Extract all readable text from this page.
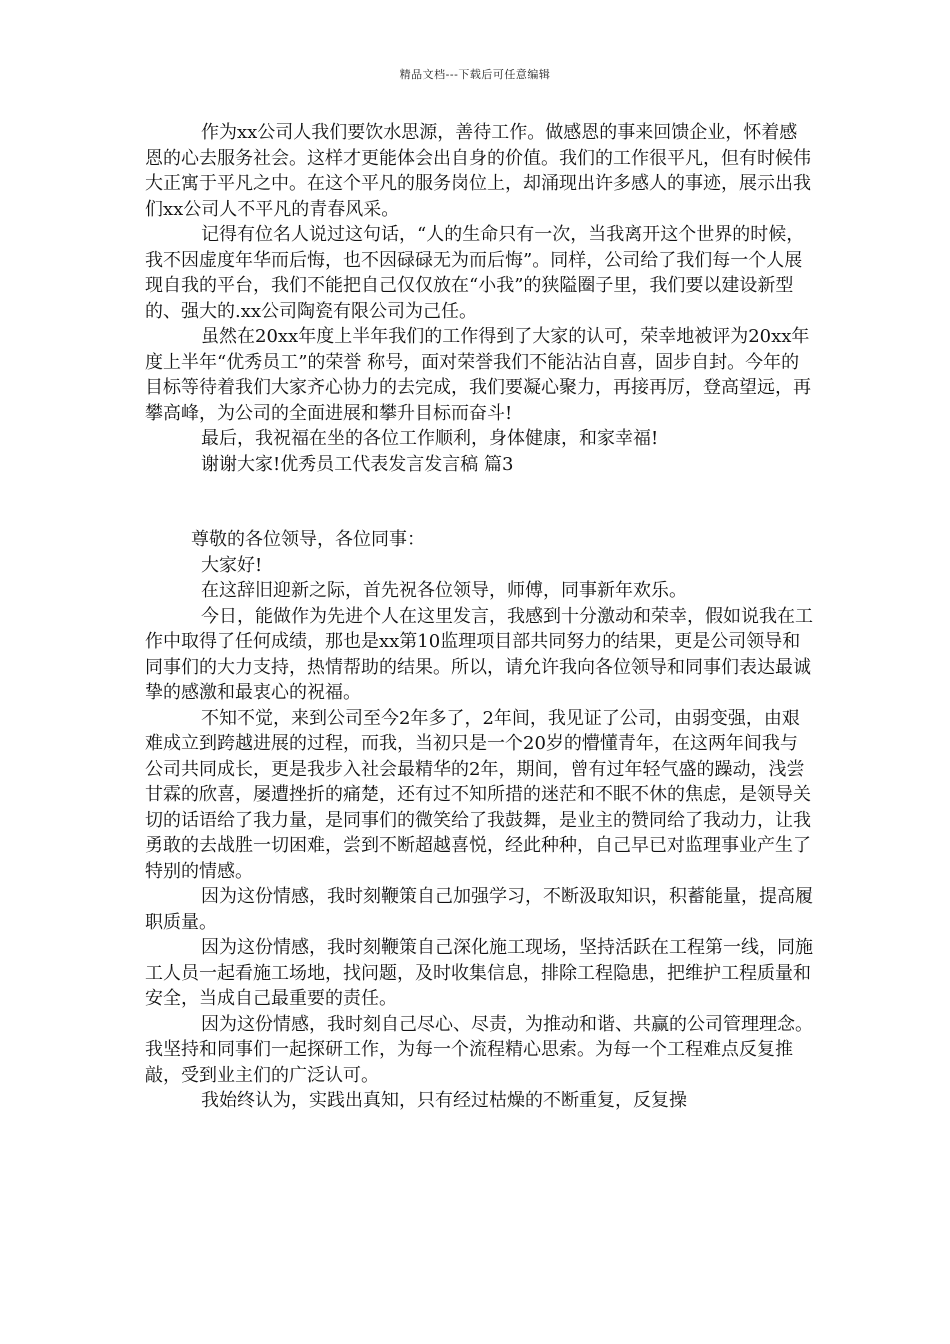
精品文档---下载后可任意编辑

作为xx公司人我们要饮水思源，善待工作。做感恩的事来回馈企业，怀着感恩的心去服务社会。这样才更能体会出自身的价值。我们的工作很平凡，但有时候伟大正寓于平凡之中。在这个平凡的服务岗位上，却涌现出许多感人的事迹，展示出我们xx公司人不平凡的青春风采。

记得有位名人说过这句话，“人的生命只有一次，当我离开这个世界的时候，我不因虚度年华而后悔，也不因碌碌无为而后悔”。同样，公司给了我们每一个人展现自我的平台，我们不能把自己仅仅放在“小我”的狭隘圈子里，我们要以建设新型的、强大的.xx公司陶瓷有限公司为己任。

虽然在20xx年度上半年我们的工作得到了大家的认可，荣幸地被评为20xx年度上半年“优秀员工”的荣誉 称号，面对荣誉我们不能沾沾自喜，固步自封。今年的目标等待着我们大家齐心协力的去完成，我们要凝心聚力，再接再厉，登高望远，再攀高峰，为公司的全面进展和攀升目标而奋斗!

最后，我祝福在坐的各位工作顺利，身体健康，和家幸福!

谢谢大家!优秀员工代表发言发言稿 篇3

尊敬的各位领导，各位同事：

大家好!

在这辞旧迎新之际，首先祝各位领导，师傅，同事新年欢乐。

今日，能做作为先进个人在这里发言，我感到十分激动和荣幸，假如说我在工作中取得了任何成绩，那也是xx第10监理项目部共同努力的结果，更是公司领导和同事们的大力支持，热情帮助的结果。所以，请允许我向各位领导和同事们表达最诚挚的感激和最衷心的祝福。

不知不觉，来到公司至今2年多了，2年间，我见证了公司，由弱变强，由艰难成立到跨越进展的过程，而我，当初只是一个20岁的懵懂青年，在这两年间我与公司共同成长，更是我步入社会最精华的2年，期间，曾有过年轻气盛的躁动，浅尝甘霖的欣喜，屡遭挫折的痛楚，还有过不知所措的迷茫和不眠不休的焦虑，是领导关切的话语给了我力量，是同事们的微笑给了我鼓舞，是业主的赞同给了我动力，让我勇敢的去战胜一切困难，尝到不断超越喜悦，经此种种，自己早已对监理事业产生了特别的情感。

因为这份情感，我时刻鞭策自己加强学习，不断汲取知识，积蓄能量，提高履职质量。

因为这份情感，我时刻鞭策自己深化施工现场，坚持活跃在工程第一线，同施工人员一起看施工场地，找问题，及时收集信息，排除工程隐患，把维护工程质量和安全，当成自己最重要的责任。

因为这份情感，我时刻自己尽心、尽责，为推动和谐、共赢的公司管理理念。我坚持和同事们一起探研工作，为每一个流程精心思索。为每一个工程难点反复推敲，受到业主们的广泛认可。

我始终认为，实践出真知，只有经过枯燥的不断重复，反复操
